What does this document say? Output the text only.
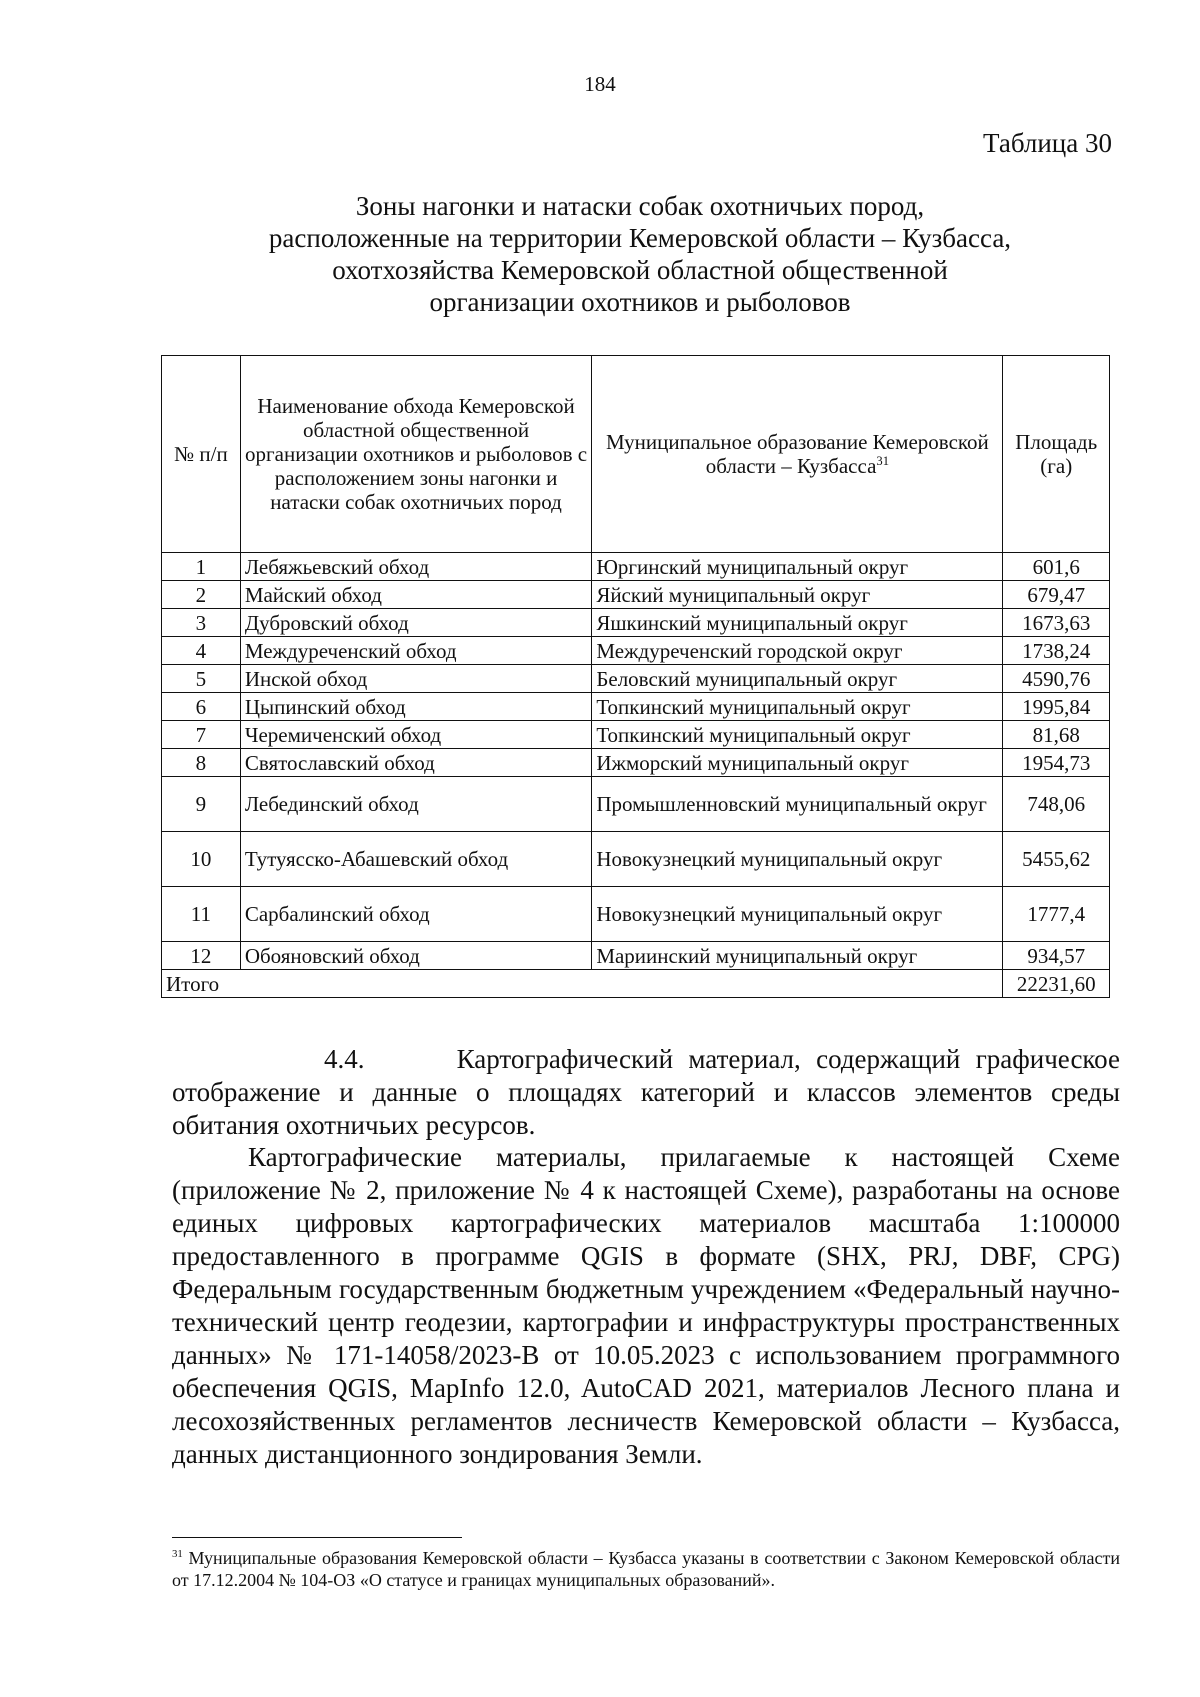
184
Таблица 30
Зоны нагонки и натаски собак охотничьих пород,
расположенные на территории Кемеровской области – Кузбасса,
охотхозяйства Кемеровской областной общественной
организации охотников и рыболовов
№ п/п	Наименование обхода Кемеровской областной общественной организации охотников и рыболовов с расположением зоны нагонки и натаски собак охотничьих пород	Муниципальное образование Кемеровской области – Кузбасса$^{31}$	Площадь (га)
1	Лебяжьевский обход	Юргинский муниципальный округ	601,6
2	Майский обход	Яйский муниципальный округ	679,47
3	Дубровский обход	Яшкинский муниципальный округ	1673,63
4	Междуреченский обход	Междуреченский городской округ	1738,24
5	Инской обход	Беловский муниципальный округ	4590,76
6	Цыпинский обход	Топкинский муниципальный округ	1995,84
7	Черемиченский обход	Топкинский муниципальный округ	81,68
8	Святославский обход	Ижморский муниципальный округ	1954,73
9	Лебединский обход	Промышленновский муниципальный округ	748,06
10	Тутуясско-Абашевский обход	Новокузнецкий муниципальный округ	5455,62
11	Сарбалинский обход	Новокузнецкий муниципальный округ	1777,4
12	Обояновский обход	Мариинский муниципальный округ	934,57
Итого			22231,60

4.4.	Картографический материал, содержащий графическое отображение и данные о площадях категорий и классов элементов среды обитания охотничьих ресурсов.

Картографические материалы, прилагаемые к настоящей Схеме (приложение № 2, приложение № 4 к настоящей Схеме), разработаны на основе единых цифровых картографических материалов масштаба 1:100000 предоставленного в программе QGIS в формате (SHX, PRJ, DBF, CPG) Федеральным государственным бюджетным учреждением «Федеральный научно-технический центр геодезии, картографии и инфраструктуры пространственных данных» № 171-14058/2023-В от 10.05.2023 с использованием программного обеспечения QGIS, MapInfo 12.0, AutoCAD 2021, материалов Лесного плана и лесохозяйственных регламентов лесничеств Кемеровской области – Кузбасса, данных дистанционного зондирования Земли.

$^{31}$ Муниципальные образования Кемеровской области – Кузбасса указаны в соответствии с Законом Кемеровской области от 17.12.2004 № 104-ОЗ «О статусе и границах муниципальных образований».
